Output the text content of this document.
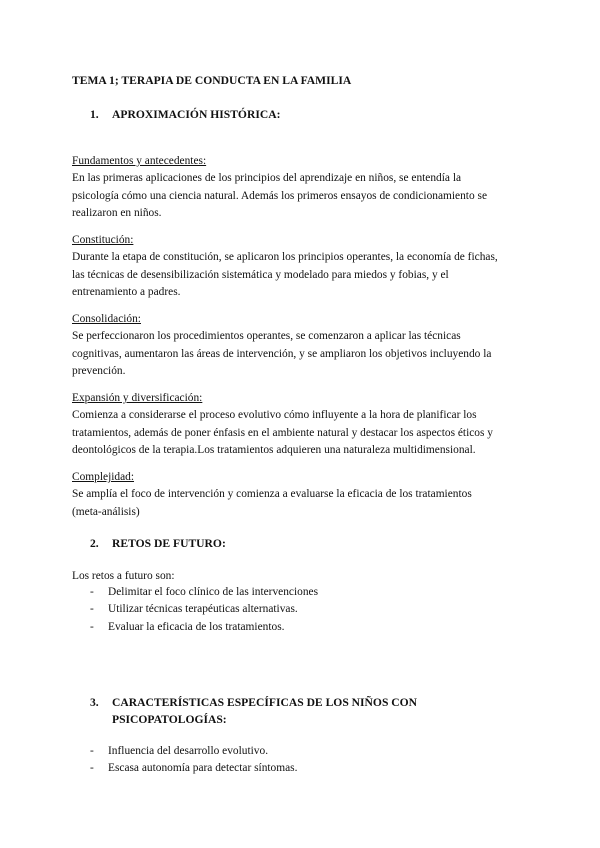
TEMA 1; TERAPIA DE CONDUCTA EN LA FAMILIA
1. APROXIMACIÓN HISTÓRICA:
Fundamentos y antecedentes:
En las primeras aplicaciones de los principios del aprendizaje en niños, se entendía la
psicología cómo una ciencia natural. Además los primeros ensayos de condicionamiento se
realizaron en niños.
Constitución:
Durante la etapa de constitución, se aplicaron los principios operantes, la economía de fichas,
las técnicas de desensibilización sistemática y modelado para miedos y fobias, y el
entrenamiento a padres.
Consolidación:
Se perfeccionaron los procedimientos operantes, se comenzaron a aplicar las técnicas
cognitivas, aumentaron las áreas de intervención, y se ampliaron los objetivos incluyendo la
prevención.
Expansión y diversificación:
Comienza a considerarse el proceso evolutivo cómo influyente a la hora de planificar los
tratamientos, además de poner énfasis en el ambiente natural y destacar los aspectos éticos y
deontológicos de la terapia.Los tratamientos adquieren una naturaleza multidimensional.
Complejidad:
Se amplía el foco de intervención y comienza a evaluarse la eficacia de los tratamientos
(meta-análisis)
2. RETOS DE FUTURO:
Los retos a futuro son:
- Delimitar el foco clínico de las intervenciones
- Utilizar técnicas terapéuticas alternativas.
- Evaluar la eficacia de los tratamientos.
3. CARACTERÍSTICAS ESPECÍFICAS DE LOS NIÑOS CON
PSICOPATOLOGÍAS:
- Influencia del desarrollo evolutivo.
- Escasa autonomía para detectar síntomas.
